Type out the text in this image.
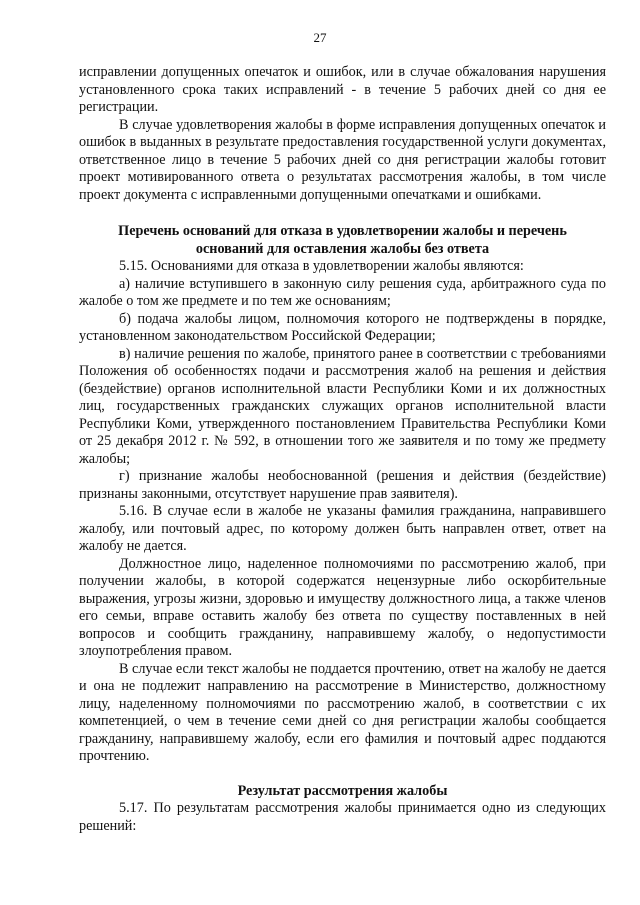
27

исправлении допущенных опечаток и ошибок, или в случае обжалования нарушения установленного срока таких исправлений - в течение 5 рабочих дней со дня ее регистрации.

В случае удовлетворения жалобы в форме исправления допущенных опечаток и ошибок в выданных в результате предоставления государственной услуги документах, ответственное лицо в течение 5 рабочих дней со дня регистрации жалобы готовит проект мотивированного ответа о результатах рассмотрения жалобы, в том числе проект документа с исправленными допущенными опечатками и ошибками.

Перечень оснований для отказа в удовлетворении жалобы и перечень
оснований для оставления жалобы без ответа

5.15. Основаниями для отказа в удовлетворении жалобы являются:

а) наличие вступившего в законную силу решения суда, арбитражного суда по жалобе о том же предмете и по тем же основаниям;

б) подача жалобы лицом, полномочия которого не подтверждены в порядке, установленном законодательством Российской Федерации;

в) наличие решения по жалобе, принятого ранее в соответствии с требованиями Положения об особенностях подачи и рассмотрения жалоб на решения и действия (бездействие) органов исполнительной власти Республики Коми и их должностных лиц, государственных гражданских служащих органов исполнительной власти Республики Коми, утвержденного постановлением Правительства Республики Коми от 25 декабря 2012 г. № 592, в отношении того же заявителя и по тому же предмету жалобы;

г) признание жалобы необоснованной (решения и действия (бездействие) признаны законными, отсутствует нарушение прав заявителя).

5.16. В случае если в жалобе не указаны фамилия гражданина, направившего жалобу, или почтовый адрес, по которому должен быть направлен ответ, ответ на жалобу не дается.

Должностное лицо, наделенное полномочиями по рассмотрению жалоб, при получении жалобы, в которой содержатся нецензурные либо оскорбительные выражения, угрозы жизни, здоровью и имуществу должностного лица, а также членов его семьи, вправе оставить жалобу без ответа по существу поставленных в ней вопросов и сообщить гражданину, направившему жалобу, о недопустимости злоупотребления правом.

В случае если текст жалобы не поддается прочтению, ответ на жалобу не дается и она не подлежит направлению на рассмотрение в Министерство, должностному лицу, наделенному полномочиями по рассмотрению жалоб, в соответствии с их компетенцией, о чем в течение семи дней со дня регистрации жалобы сообщается гражданину, направившему жалобу, если его фамилия и почтовый адрес поддаются прочтению.

Результат рассмотрения жалобы

5.17. По результатам рассмотрения жалобы принимается одно из следующих решений:
